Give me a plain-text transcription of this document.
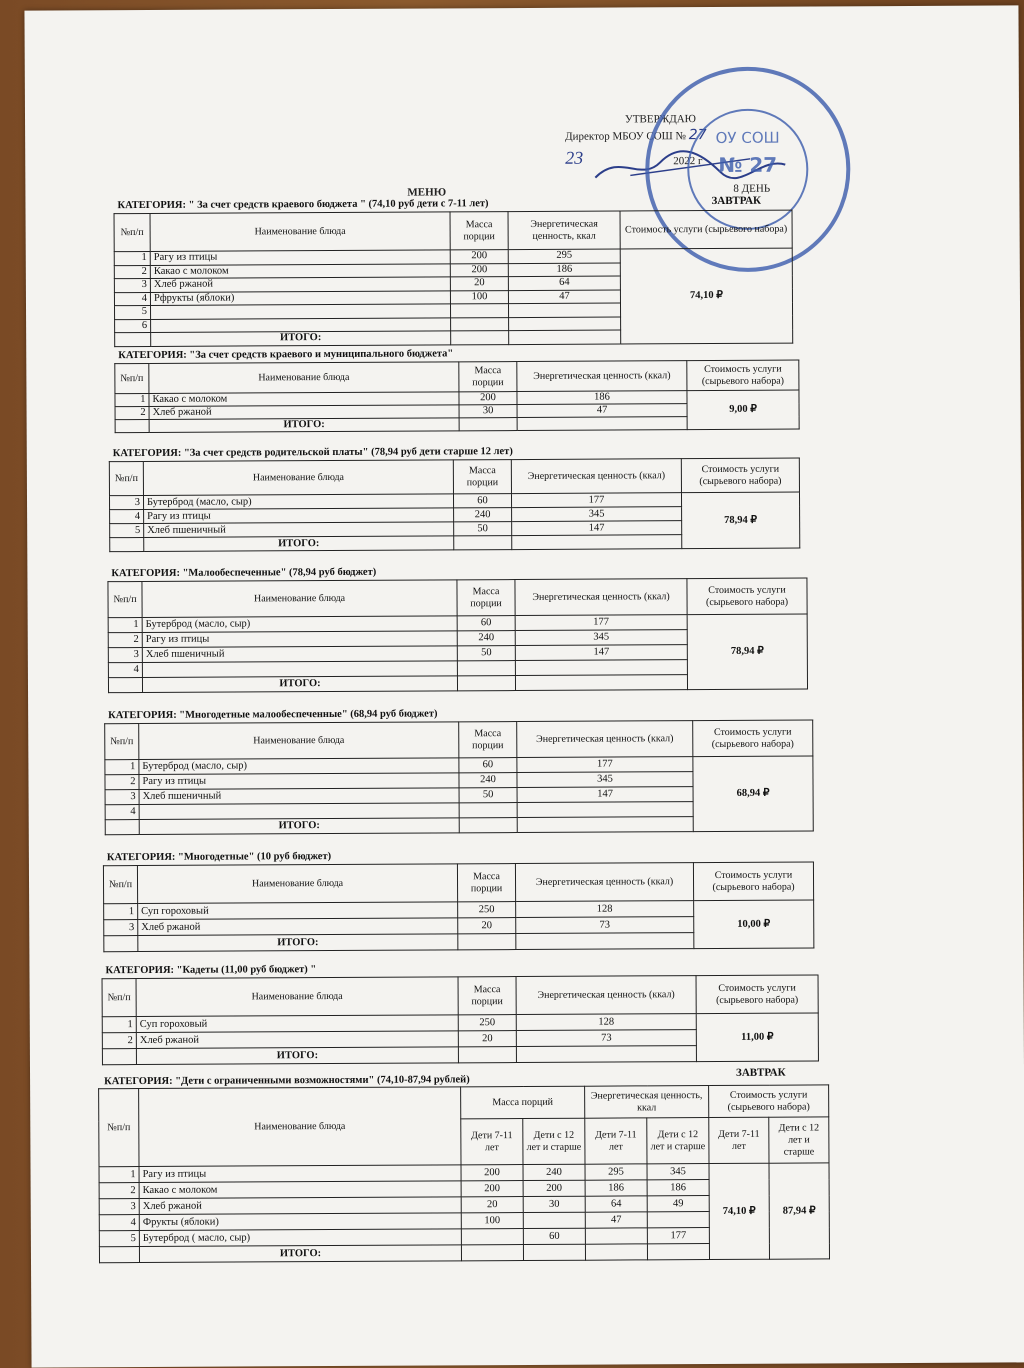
УТВЕРЖДАЮ
Директор МБОУ СОШ № 27
23	2022 г
ОУ СОШ
№ 27
МЕНЮ	8 ДЕНЬ
ЗАВТРАК
КАТЕГОРИЯ: " За счет средств краевого бюджета " (74,10 руб дети с 7-11 лет)
№п/п	Наименование блюда	Масса порции	Энергетическая ценность, ккал	Стоимость услуги (сырьевого набора)
1	Рагу из птицы	200	295	74,10 ₽
2	Какао с молоком	200	186	
3	Хлеб ржаной	20	64	
4	Рфрукты (яблоки)	100	47	
5				
6				
	ИТОГО:			
КАТЕГОРИЯ: "За счет средств краевого и муниципального бюджета"
№п/п	Наименование блюда	Масса порции	Энергетическая ценность (ккал)	Стоимость услуги (сырьевого набора)
1	Какао с молоком	200	186	9,00 ₽
2	Хлеб ржаной	30	47	
	ИТОГО:			
КАТЕГОРИЯ: "За счет средств родительской платы" (78,94 руб дети старше 12 лет)
№п/п	Наименование блюда	Масса порции	Энергетическая ценность (ккал)	Стоимость услуги (сырьевого набора)
3	Бутерброд (масло, сыр)	60	177	78,94 ₽
4	Рагу из птицы	240	345	
5	Хлеб пшеничный	50	147	
	ИТОГО:			
КАТЕГОРИЯ: "Малообеспеченные" (78,94 руб бюджет)
№п/п	Наименование блюда	Масса порции	Энергетическая ценность (ккал)	Стоимость услуги (сырьевого набора)
1	Бутерброд (масло, сыр)	60	177	78,94 ₽
2	Рагу из птицы	240	345	
3	Хлеб пшеничный	50	147	
4				
	ИТОГО:			
КАТЕГОРИЯ: "Многодетные малообеспеченные" (68,94 руб бюджет)
№п/п	Наименование блюда	Масса порции	Энергетическая ценность (ккал)	Стоимость услуги (сырьевого набора)
1	Бутерброд (масло, сыр)	60	177	68,94 ₽
2	Рагу из птицы	240	345	
3	Хлеб пшеничный	50	147	
4				
	ИТОГО:			
КАТЕГОРИЯ: "Многодетные" (10 руб бюджет)
№п/п	Наименование блюда	Масса порции	Энергетическая ценность (ккал)	Стоимость услуги (сырьевого набора)
1	Суп гороховый	250	128	10,00 ₽
3	Хлеб ржаной	20	73	
	ИТОГО:			
КАТЕГОРИЯ: "Кадеты (11,00 руб бюджет) "
№п/п	Наименование блюда	Масса порции	Энергетическая ценность (ккал)	Стоимость услуги (сырьевого набора)
1	Суп гороховый	250	128	11,00 ₽
2	Хлеб ржаной	20	73	
	ИТОГО:			
КАТЕГОРИЯ: "Дети с ограниченными возможностями" (74,10-87,94 рублей)
ЗАВТРАК
№п/п	Наименование блюда	Масса порций		Энергетическая ценность, ккал		Стоимость услуги (сырьевого набора)	
		Дети 7-11 лет	Дети с 12 лет и старше	Дети 7-11 лет	Дети с 12 лет и старше	Дети 7-11 лет	Дети с 12 лет и старше
1	Рагу из птицы	200	240	295	345	74,10 ₽	87,94 ₽
2	Какао с молоком	200	200	186	186		
3	Хлеб ржаной	20	30	64	49		
4	Фрукты (яблоки)	100		47			
5	Бутерброд ( масло, сыр)		60		177		
	ИТОГО:						
